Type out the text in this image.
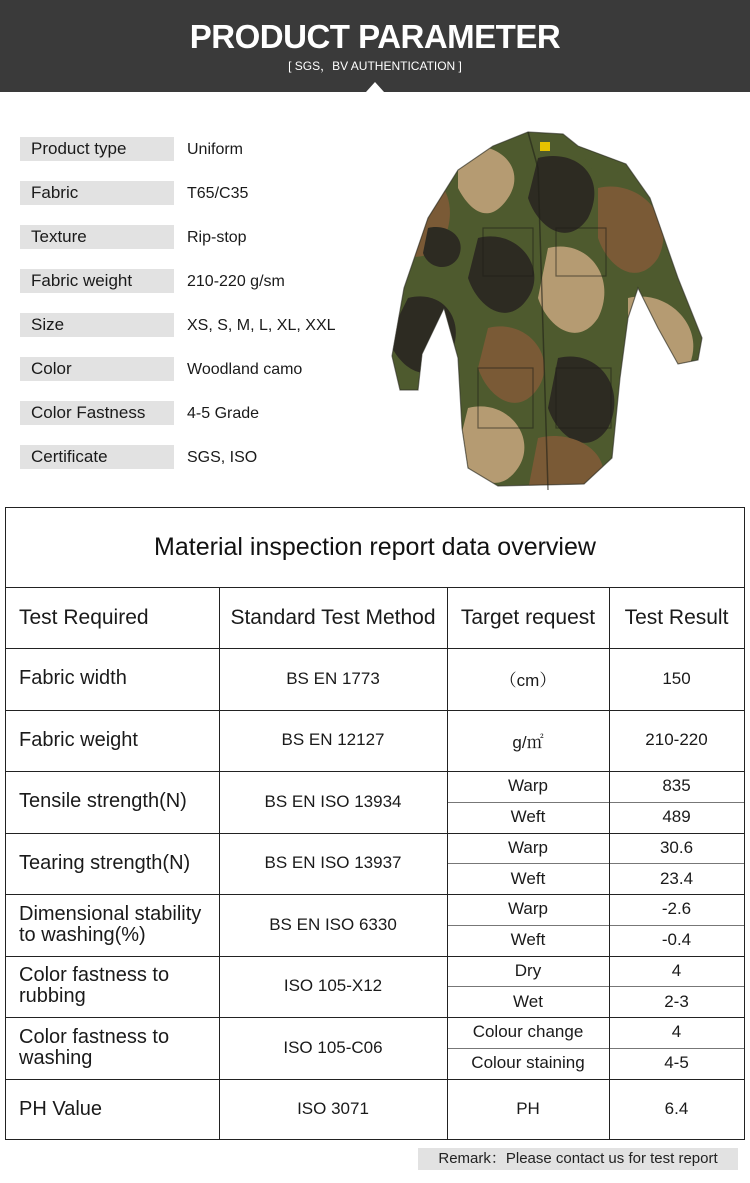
PRODUCT PARAMETER
[ SGS，BV AUTHENTICATION ]
Product type	Uniform
Fabric	T65/C35
Texture	Rip-stop
Fabric weight	210-220 g/sm
Size	XS, S, M, L, XL, XXL
Color	Woodland camo
Color Fastness	4-5 Grade
Certificate	SGS, ISO
Material inspection report data overview
Test Required	Standard Test Method	Target request	Test Result
Fabric width	BS EN 1773	（cm）	150
Fabric weight	BS EN 12127	g/㎡	210-220
Tensile strength(N)	BS EN ISO 13934
Warp	835
Weft	489
Tearing strength(N)	BS EN ISO 13937
Warp	30.6
Weft	23.4
Dimensional stability to washing(%)	BS EN ISO 6330
Warp	-2.6
Weft	-0.4
Color fastness to rubbing	ISO 105-X12
Dry	4
Wet	2-3
Color fastness to washing	ISO 105-C06
Colour change	4
Colour staining	4-5
PH Value	ISO 3071	PH	6.4
Remark：Please contact us for test report
